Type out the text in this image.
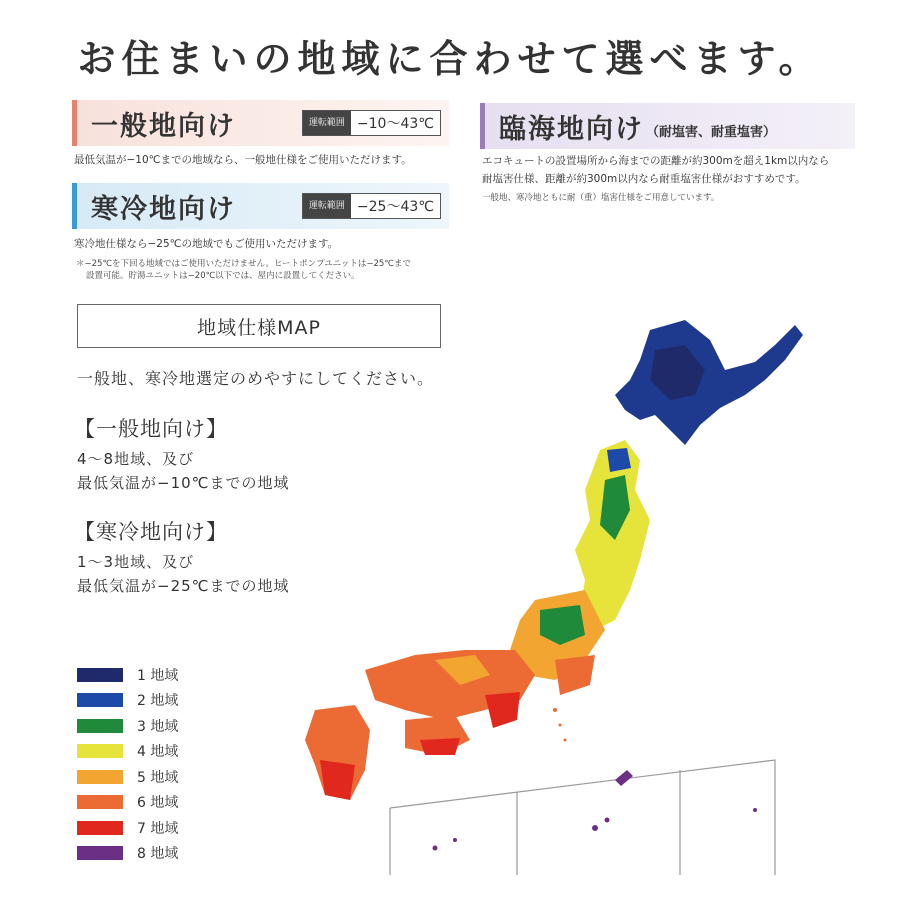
お住まいの地域に合わせて選べます。
一般地向け	運転範囲 −10〜43℃
最低気温が−10℃までの地域なら、一般地仕様をご使用いただけます。
寒冷地向け	運転範囲 −25〜43℃
寒冷地仕様なら−25℃の地域でもご使用いただけます。
＊−25℃を下回る地域ではご使用いただけません。ヒートポンプユニットは−25℃まで
設置可能。貯湯ユニットは−20℃以下では、屋内に設置してください。
臨海地向け （耐塩害、耐重塩害）
エコキュートの設置場所から海までの距離が約300mを超え1km以内なら
耐塩害仕様、距離が約300m以内なら耐重塩害仕様がおすすめです。
一般地、寒冷地ともに耐（重）塩害仕様をご用意しています。
地域仕様MAP
一般地、寒冷地選定のめやすにしてください。
【一般地向け】
4〜8地域、及び
最低気温が−10℃までの地域
【寒冷地向け】
1〜3地域、及び
最低気温が−25℃までの地域
1 地域
2 地域
3 地域
4 地域
5 地域
6 地域
7 地域
8 地域
